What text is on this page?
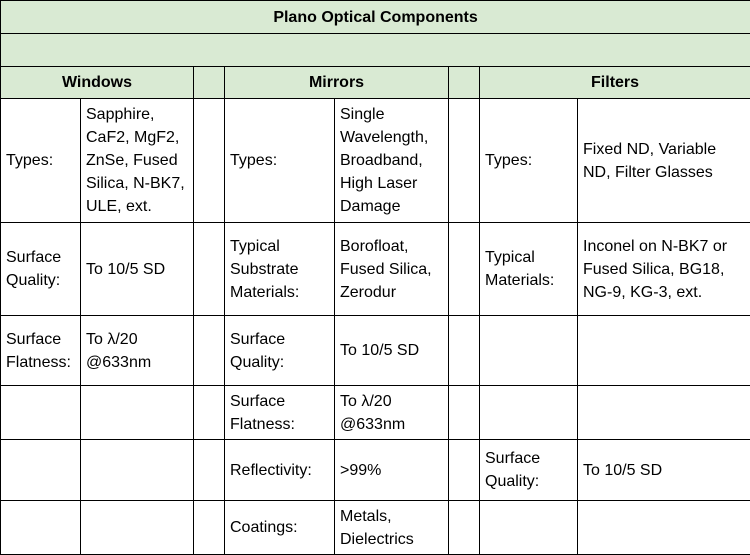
Plano Optical Components							

Windows			Mirrors			Filters	
Types:	Sapphire, CaF2, MgF2, ZnSe, Fused Silica, N-BK7, ULE, ext.		Types:	Single Wavelength, Broadband, High Laser Damage		Types:	Fixed ND, Variable ND, Filter Glasses
Surface Quality:	To 10/5 SD		Typical Substrate Materials:	Borofloat, Fused Silica, Zerodur		Typical Materials:	Inconel on N-BK7 or Fused Silica, BG18, NG-9, KG-3, ext.
Surface Flatness:	To λ/20 @633nm		Surface Quality:	To 10/5 SD			
			Surface Flatness:	To λ/20 @633nm			
			Reflectivity:	>99%		Surface Quality:	To 10/5 SD
			Coatings:	Metals, Dielectrics			
